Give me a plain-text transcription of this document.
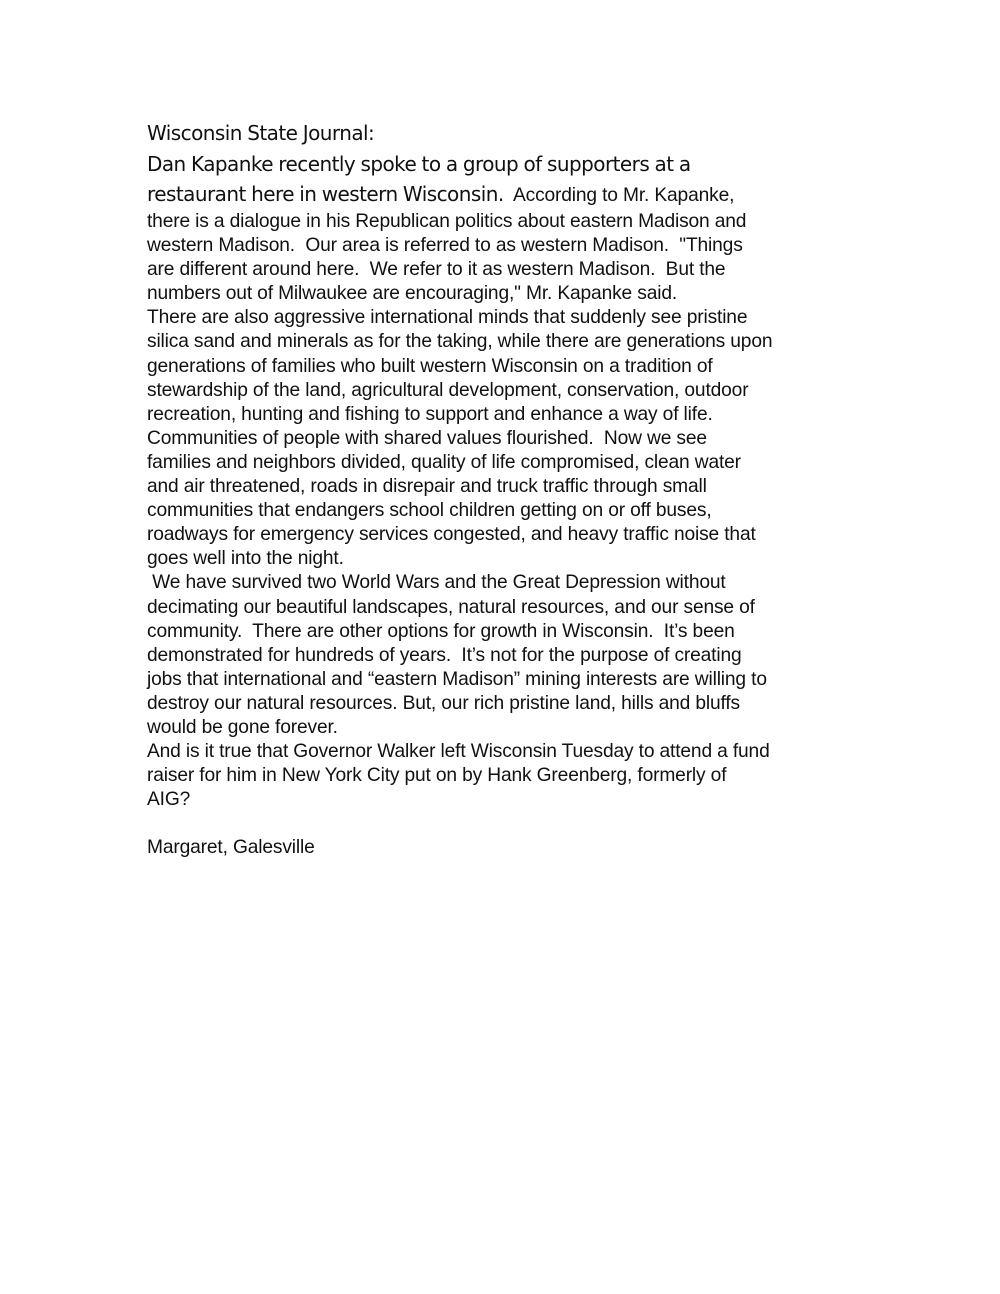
Wisconsin State Journal:
Dan Kapanke recently spoke to a group of supporters at a
restaurant here in western Wisconsin.  According to Mr. Kapanke,
there is a dialogue in his Republican politics about eastern Madison and
western Madison.  Our area is referred to as western Madison.  "Things
are different around here.  We refer to it as western Madison.  But the
numbers out of Milwaukee are encouraging," Mr. Kapanke said.
There are also aggressive international minds that suddenly see pristine
silica sand and minerals as for the taking, while there are generations upon
generations of families who built western Wisconsin on a tradition of
stewardship of the land, agricultural development, conservation, outdoor
recreation, hunting and fishing to support and enhance a way of life.
Communities of people with shared values flourished.  Now we see
families and neighbors divided, quality of life compromised, clean water
and air threatened, roads in disrepair and truck traffic through small
communities that endangers school children getting on or off buses,
roadways for emergency services congested, and heavy traffic noise that
goes well into the night.
We have survived two World Wars and the Great Depression without
decimating our beautiful landscapes, natural resources, and our sense of
community.  There are other options for growth in Wisconsin.  It’s been
demonstrated for hundreds of years.  It’s not for the purpose of creating
jobs that international and “eastern Madison” mining interests are willing to
destroy our natural resources. But, our rich pristine land, hills and bluffs
would be gone forever.
And is it true that Governor Walker left Wisconsin Tuesday to attend a fund
raiser for him in New York City put on by Hank Greenberg, formerly of
AIG?
Margaret, Galesville
